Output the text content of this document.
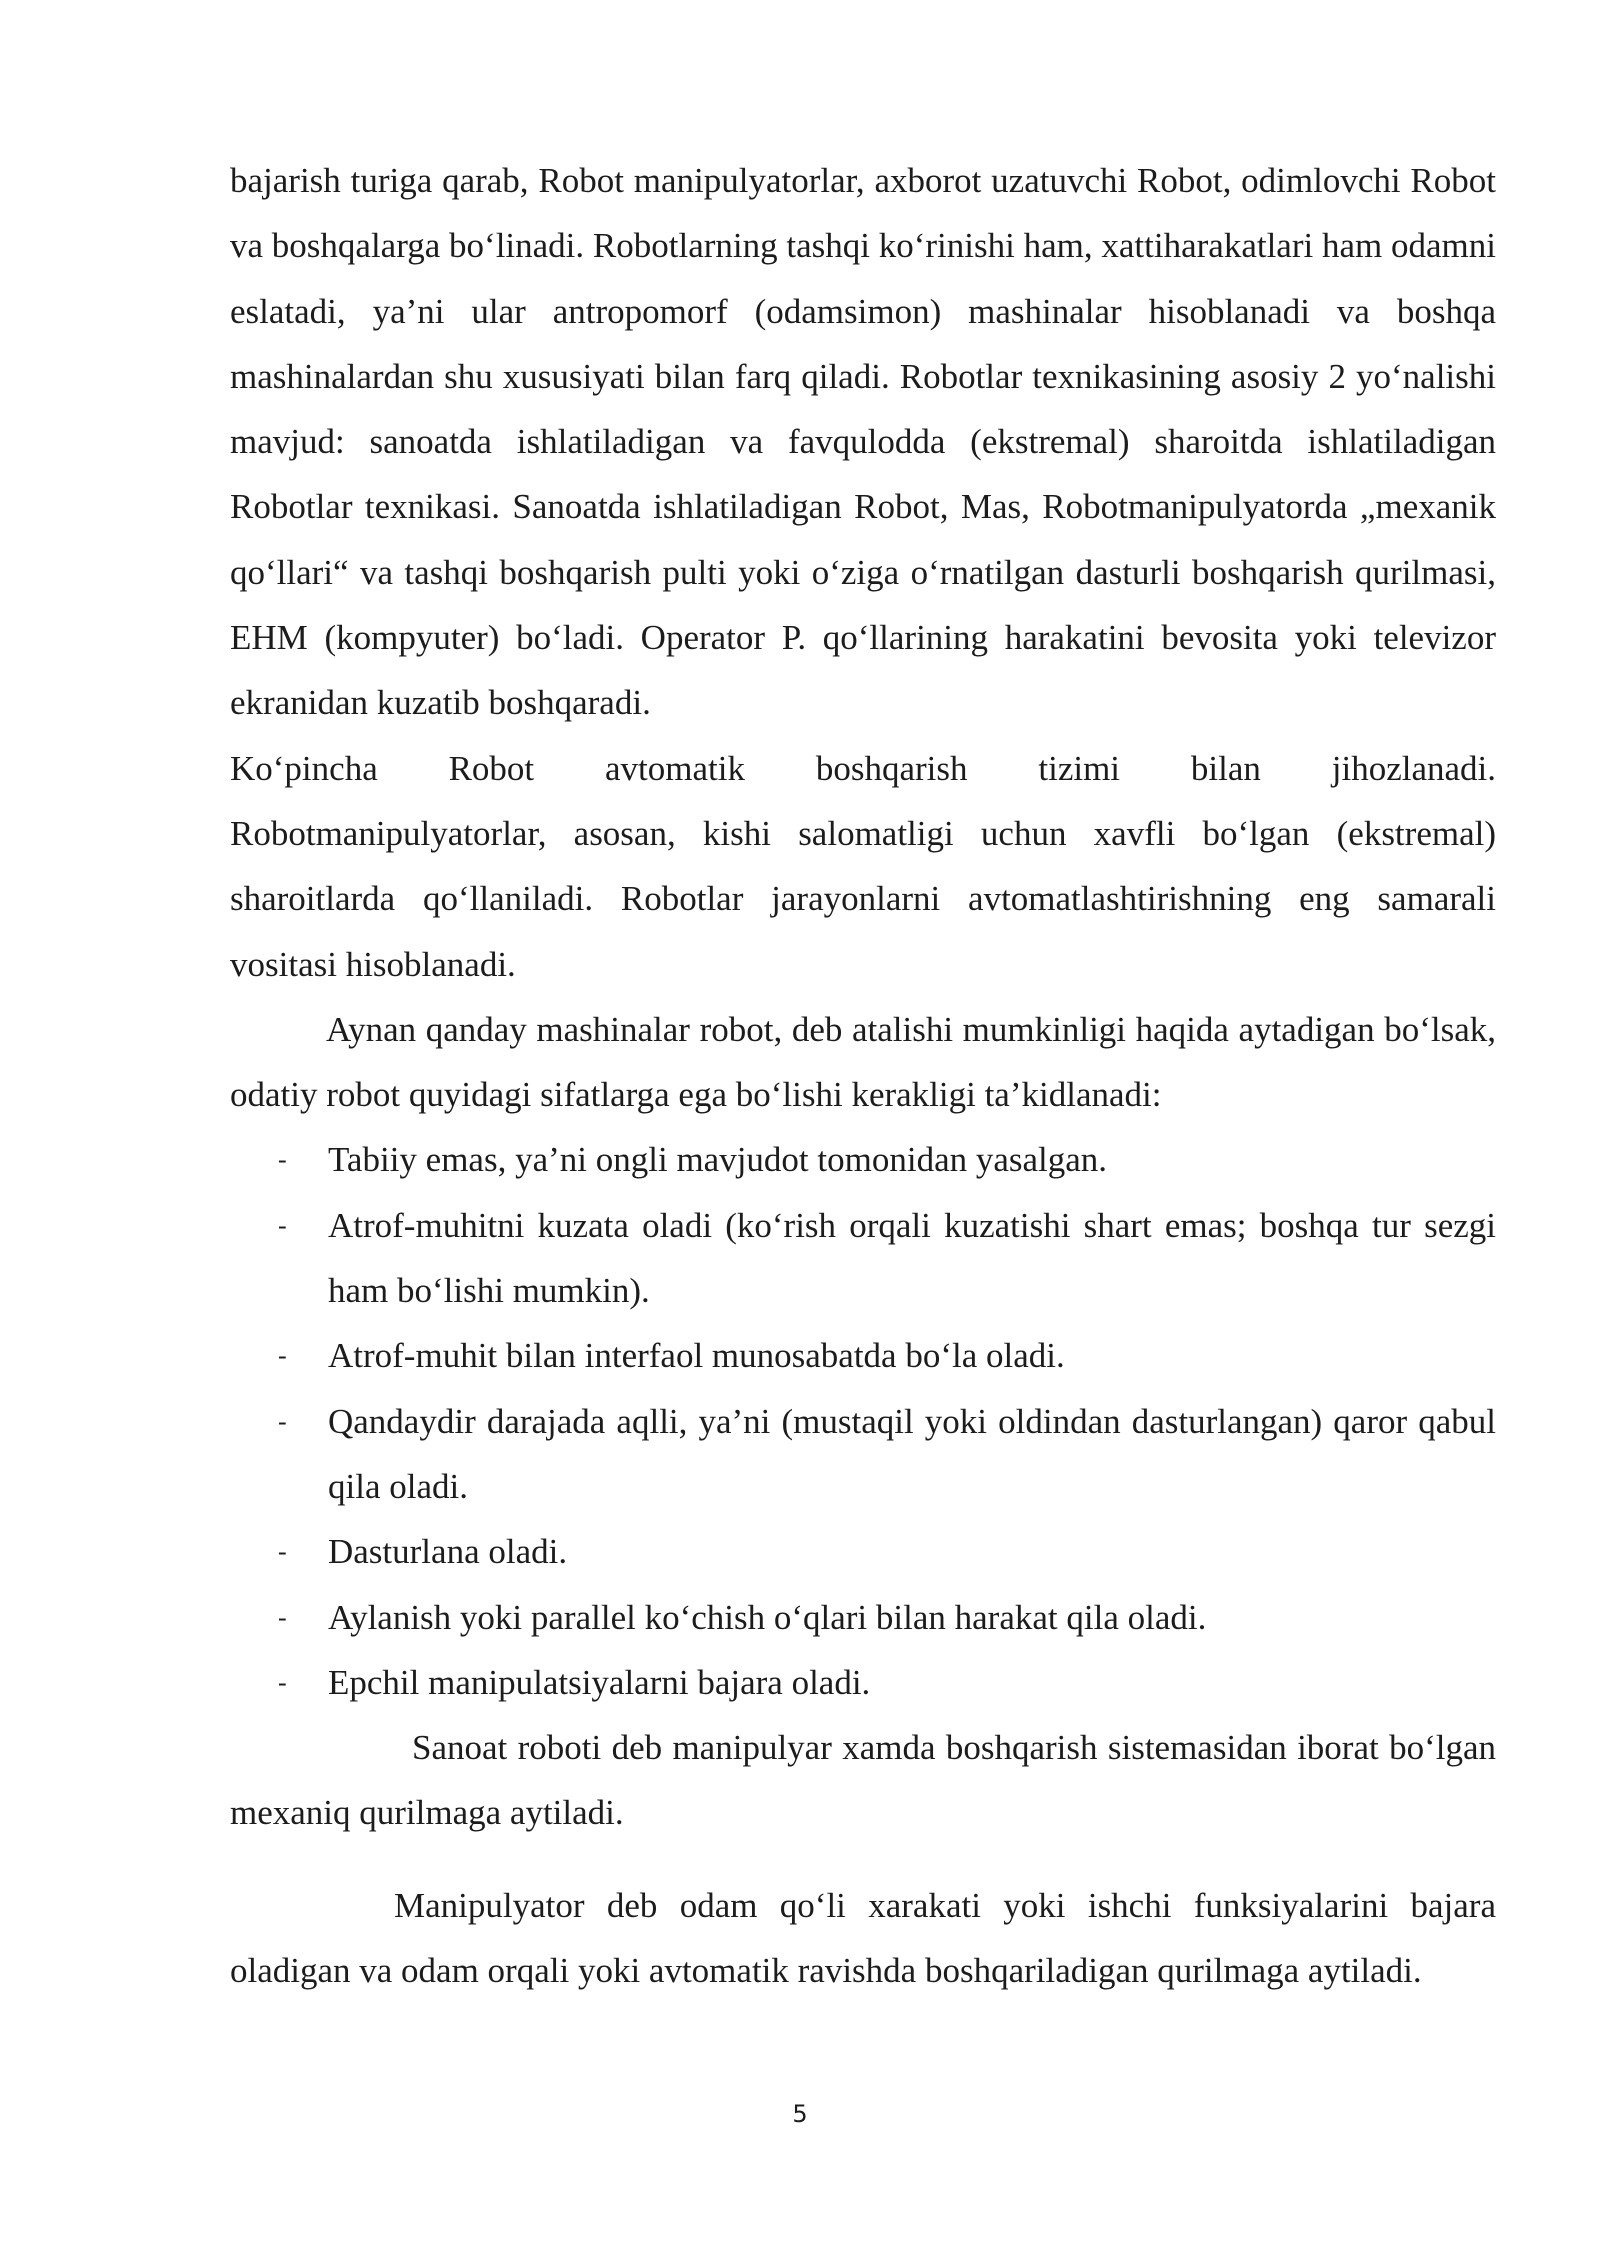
bajarish turiga qarab, Robot manipulyatorlar, axborot uzatuvchi Robot, odimlovchi Robot va boshqalarga bo‘linadi. Robotlarning tashqi ko‘rinishi ham, xattiharakatlari ham odamni eslatadi, ya’ni ular antropomorf (odamsimon) mashinalar hisoblanadi va boshqa mashinalardan shu xususiyati bilan farq qiladi. Robotlar texnikasining asosiy 2 yo‘nalishi mavjud: sanoatda ishlatiladigan va favqulodda (ekstremal) sharoitda ishlatiladigan Robotlar texnikasi. Sanoatda ishlatiladigan Robot, Mas, Robotmanipulyatorda „mexanik qo‘llari“ va tashqi boshqarish pulti yoki o‘ziga o‘rnatilgan dasturli boshqarish qurilmasi, EHM (kompyuter) bo‘ladi. Operator P. qo‘llarining harakatini bevosita yoki televizor ekranidan kuzatib boshqaradi.

Ko‘pincha Robot avtomatik boshqarish tizimi bilan jihozlanadi.

Robotmanipulyatorlar, asosan, kishi salomatligi uchun xavfli bo‘lgan (ekstremal) sharoitlarda qo‘llaniladi. Robotlar jarayonlarni avtomatlashtirishning eng samarali vositasi hisoblanadi.

Aynan qanday mashinalar robot, deb atalishi mumkinligi haqida aytadigan bo‘lsak, odatiy robot quyidagi sifatlarga ega bo‘lishi kerakligi ta’kidlanadi:

- Tabiiy emas, ya’ni ongli mavjudot tomonidan yasalgan.
- Atrof-muhitni kuzata oladi (ko‘rish orqali kuzatishi shart emas; boshqa tur sezgi ham bo‘lishi mumkin).
- Atrof-muhit bilan interfaol munosabatda bo‘la oladi.
- Qandaydir darajada aqlli, ya’ni (mustaqil yoki oldindan dasturlangan) qaror qabul qila oladi.
- Dasturlana oladi.
- Aylanish yoki parallel ko‘chish o‘qlari bilan harakat qila oladi.
- Epchil manipulatsiyalarni bajara oladi.

Sanoat roboti deb manipulyar xamda boshqarish sistemasidan iborat bo‘lgan mexaniq qurilmaga aytiladi.

Manipulyator deb odam qo‘li xarakati yoki ishchi funksiyalarini bajara oladigan va odam orqali yoki avtomatik ravishda boshqariladigan qurilmaga aytiladi.

5
